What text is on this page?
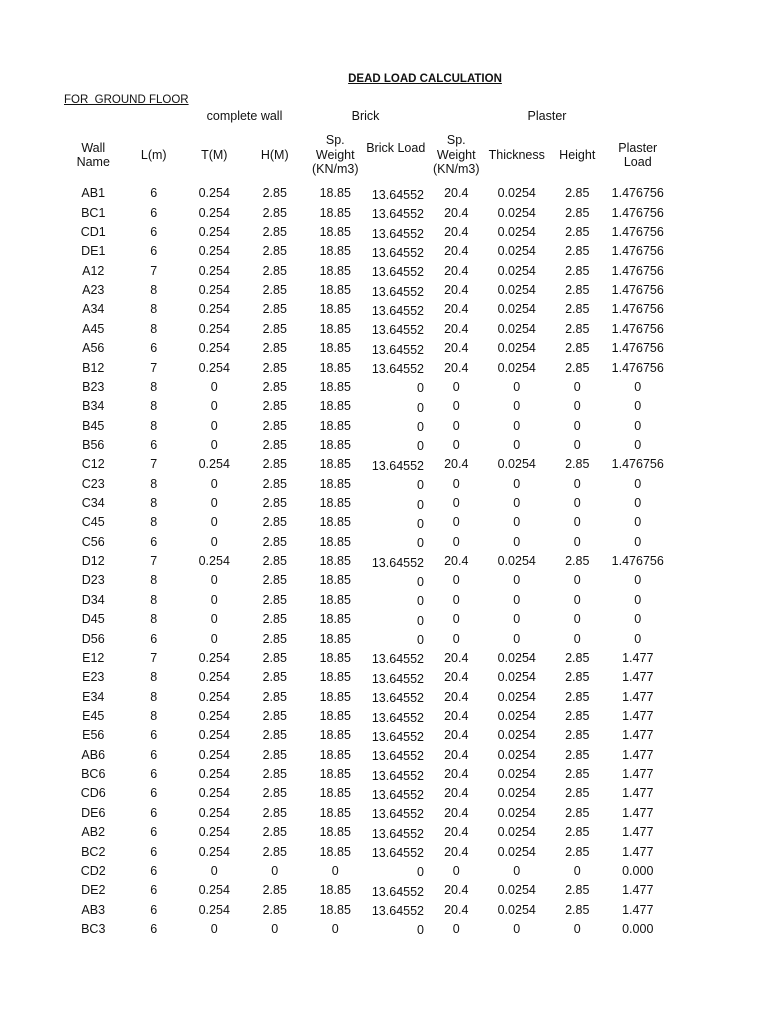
DEAD LOAD CALCULATION
FOR  GROUND FLOOR
complete wall	Brick	Plaster
Wall
Name
L(m)	T(M)	H(M)
Sp.
Weight
(KN/m3)
Brick Load
Sp.
Weight
(KN/m3)
Thickness	Height
Plaster
Load
AB1	6	0.254	2.85	18.85	13.64552	20.4	0.0254	2.85	1.476756
BC1	6	0.254	2.85	18.85	13.64552	20.4	0.0254	2.85	1.476756
CD1	6	0.254	2.85	18.85	13.64552	20.4	0.0254	2.85	1.476756
DE1	6	0.254	2.85	18.85	13.64552	20.4	0.0254	2.85	1.476756
A12	7	0.254	2.85	18.85	13.64552	20.4	0.0254	2.85	1.476756
A23	8	0.254	2.85	18.85	13.64552	20.4	0.0254	2.85	1.476756
A34	8	0.254	2.85	18.85	13.64552	20.4	0.0254	2.85	1.476756
A45	8	0.254	2.85	18.85	13.64552	20.4	0.0254	2.85	1.476756
A56	6	0.254	2.85	18.85	13.64552	20.4	0.0254	2.85	1.476756
B12	7	0.254	2.85	18.85	13.64552	20.4	0.0254	2.85	1.476756
B23	8	0	2.85	18.85	0	0	0	0	0
B34	8	0	2.85	18.85	0	0	0	0	0
B45	8	0	2.85	18.85	0	0	0	0	0
B56	6	0	2.85	18.85	0	0	0	0	0
C12	7	0.254	2.85	18.85	13.64552	20.4	0.0254	2.85	1.476756
C23	8	0	2.85	18.85	0	0	0	0	0
C34	8	0	2.85	18.85	0	0	0	0	0
C45	8	0	2.85	18.85	0	0	0	0	0
C56	6	0	2.85	18.85	0	0	0	0	0
D12	7	0.254	2.85	18.85	13.64552	20.4	0.0254	2.85	1.476756
D23	8	0	2.85	18.85	0	0	0	0	0
D34	8	0	2.85	18.85	0	0	0	0	0
D45	8	0	2.85	18.85	0	0	0	0	0
D56	6	0	2.85	18.85	0	0	0	0	0
E12	7	0.254	2.85	18.85	13.64552	20.4	0.0254	2.85	1.477
E23	8	0.254	2.85	18.85	13.64552	20.4	0.0254	2.85	1.477
E34	8	0.254	2.85	18.85	13.64552	20.4	0.0254	2.85	1.477
E45	8	0.254	2.85	18.85	13.64552	20.4	0.0254	2.85	1.477
E56	6	0.254	2.85	18.85	13.64552	20.4	0.0254	2.85	1.477
AB6	6	0.254	2.85	18.85	13.64552	20.4	0.0254	2.85	1.477
BC6	6	0.254	2.85	18.85	13.64552	20.4	0.0254	2.85	1.477
CD6	6	0.254	2.85	18.85	13.64552	20.4	0.0254	2.85	1.477
DE6	6	0.254	2.85	18.85	13.64552	20.4	0.0254	2.85	1.477
AB2	6	0.254	2.85	18.85	13.64552	20.4	0.0254	2.85	1.477
BC2	6	0.254	2.85	18.85	13.64552	20.4	0.0254	2.85	1.477
CD2	6	0	0	0	0	0	0	0	0.000
DE2	6	0.254	2.85	18.85	13.64552	20.4	0.0254	2.85	1.477
AB3	6	0.254	2.85	18.85	13.64552	20.4	0.0254	2.85	1.477
BC3	6	0	0	0	0	0	0	0	0.000
